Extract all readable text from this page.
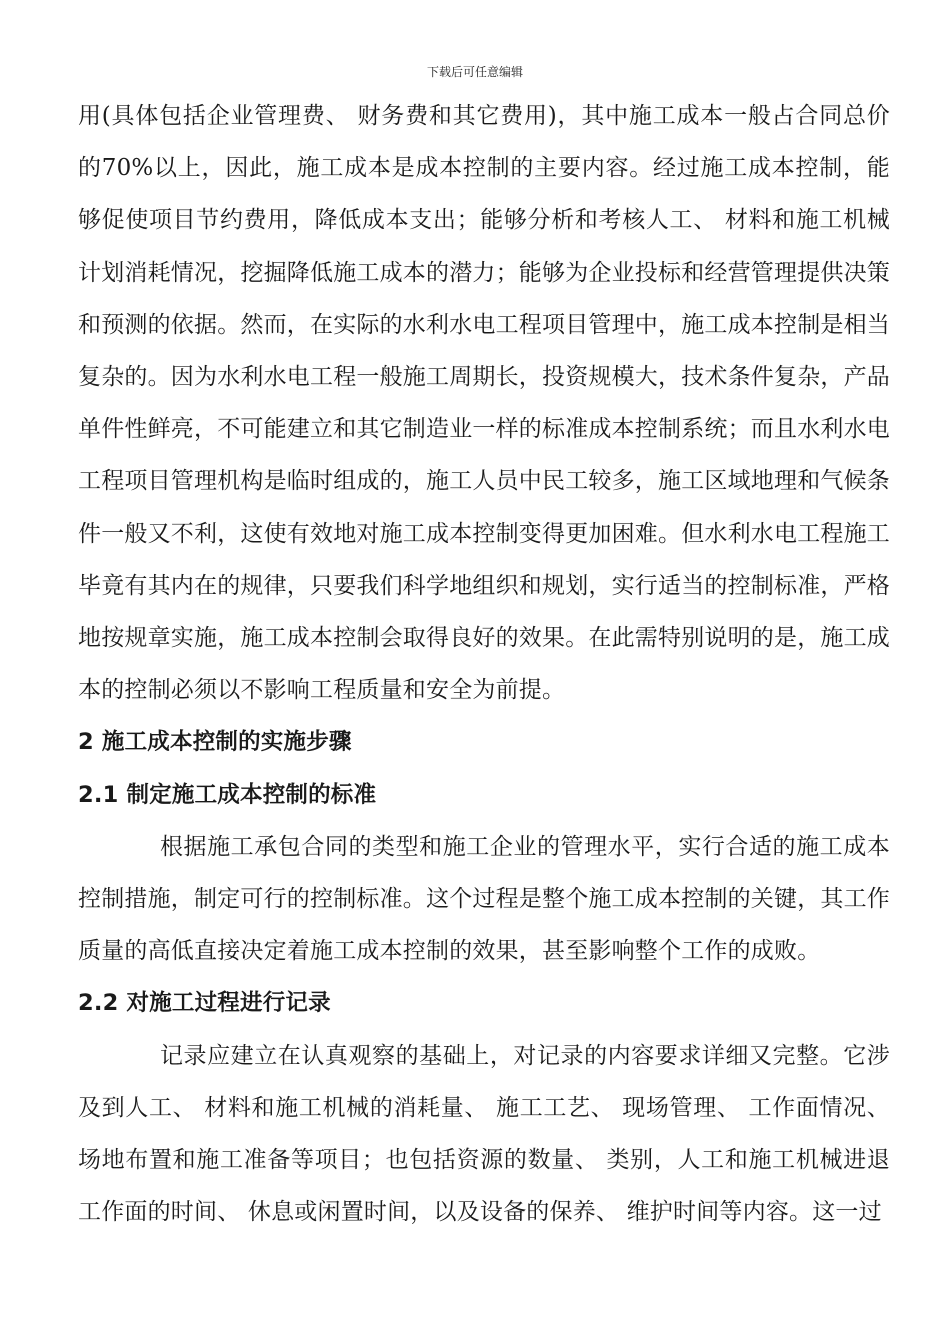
下载后可任意编辑

用(具体包括企业管理费、 财务费和其它费用)，其中施工成本一般占合同总价的70%以上，因此，施工成本是成本控制的主要内容。经过施工成本控制，能够促使项目节约费用，降低成本支出；能够分析和考核人工、 材料和施工机械计划消耗情况，挖掘降低施工成本的潜力；能够为企业投标和经营管理提供决策和预测的依据。然而，在实际的水利水电工程项目管理中，施工成本控制是相当复杂的。因为水利水电工程一般施工周期长，投资规模大，技术条件复杂，产品单件性鲜亮，不可能建立和其它制造业一样的标准成本控制系统；而且水利水电工程项目管理机构是临时组成的，施工人员中民工较多，施工区域地理和气候条件一般又不利，这使有效地对施工成本控制变得更加困难。但水利水电工程施工毕竟有其内在的规律，只要我们科学地组织和规划，实行适当的控制标准，严格地按规章实施，施工成本控制会取得良好的效果。在此需特别说明的是，施工成本的控制必须以不影响工程质量和安全为前提。

2 施工成本控制的实施步骤

2.1 制定施工成本控制的标准

根据施工承包合同的类型和施工企业的管理水平，实行合适的施工成本控制措施，制定可行的控制标准。这个过程是整个施工成本控制的关键，其工作质量的高低直接决定着施工成本控制的效果，甚至影响整个工作的成败。

2.2 对施工过程进行记录

记录应建立在认真观察的基础上，对记录的内容要求详细又完整。它涉及到人工、 材料和施工机械的消耗量、 施工工艺、 现场管理、 工作面情况、场地布置和施工准备等项目；也包括资源的数量、 类别，人工和施工机械进退工作面的时间、 休息或闲置时间，以及设备的保养、 维护时间等内容。这一过
